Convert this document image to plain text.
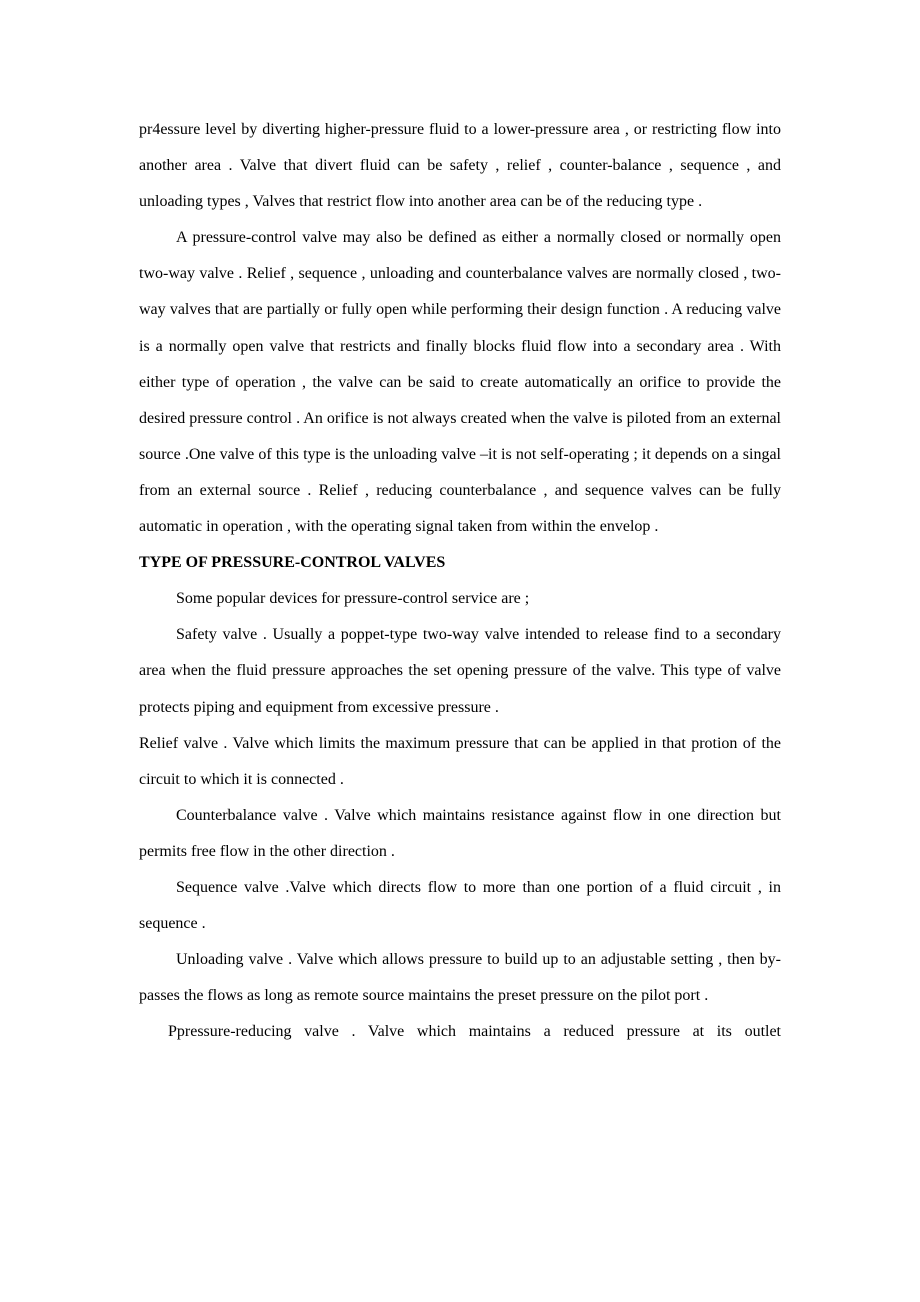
pr4essure level by diverting higher-pressure fluid to a lower-pressure area , or restricting flow into another area . Valve that divert fluid can be safety , relief , counter-balance , sequence , and unloading types , Valves that restrict flow into another area can be of the reducing type .

A pressure-control valve may also be defined as either a normally closed or normally open two-way valve . Relief , sequence , unloading and counterbalance valves are normally closed , two-way valves that are partially or fully open while performing their design function . A reducing valve is a normally open valve that restricts and finally blocks fluid flow into a secondary area . With either type of operation , the valve can be said to create automatically an orifice to provide the desired pressure control . An orifice is not always created when the valve is piloted from an external source .One valve of this type is the unloading valve –it is not self-operating ; it depends on a singal from an external source . Relief , reducing counterbalance , and sequence valves can be fully automatic in operation , with the operating signal taken from within the envelop .

TYPE OF PRESSURE-CONTROL VALVES

Some popular devices for pressure-control service are ;

Safety valve . Usually a poppet-type two-way valve intended to release find to a secondary area when the fluid pressure approaches the set opening pressure of the valve. This type of valve protects piping and equipment from excessive pressure .

Relief valve . Valve which limits the maximum pressure that can be applied in that protion of the circuit to which it is connected .

Counterbalance valve . Valve which maintains resistance against flow in one direction but permits free flow in the other direction .

Sequence valve .Valve which directs flow to more than one portion of a fluid circuit , in sequence .

Unloading valve . Valve which allows pressure to build up to an adjustable setting , then by-passes the flows as long as remote source maintains the preset pressure on the pilot port .

Ppressure-reducing valve . Valve which maintains a reduced pressure at its outlet
